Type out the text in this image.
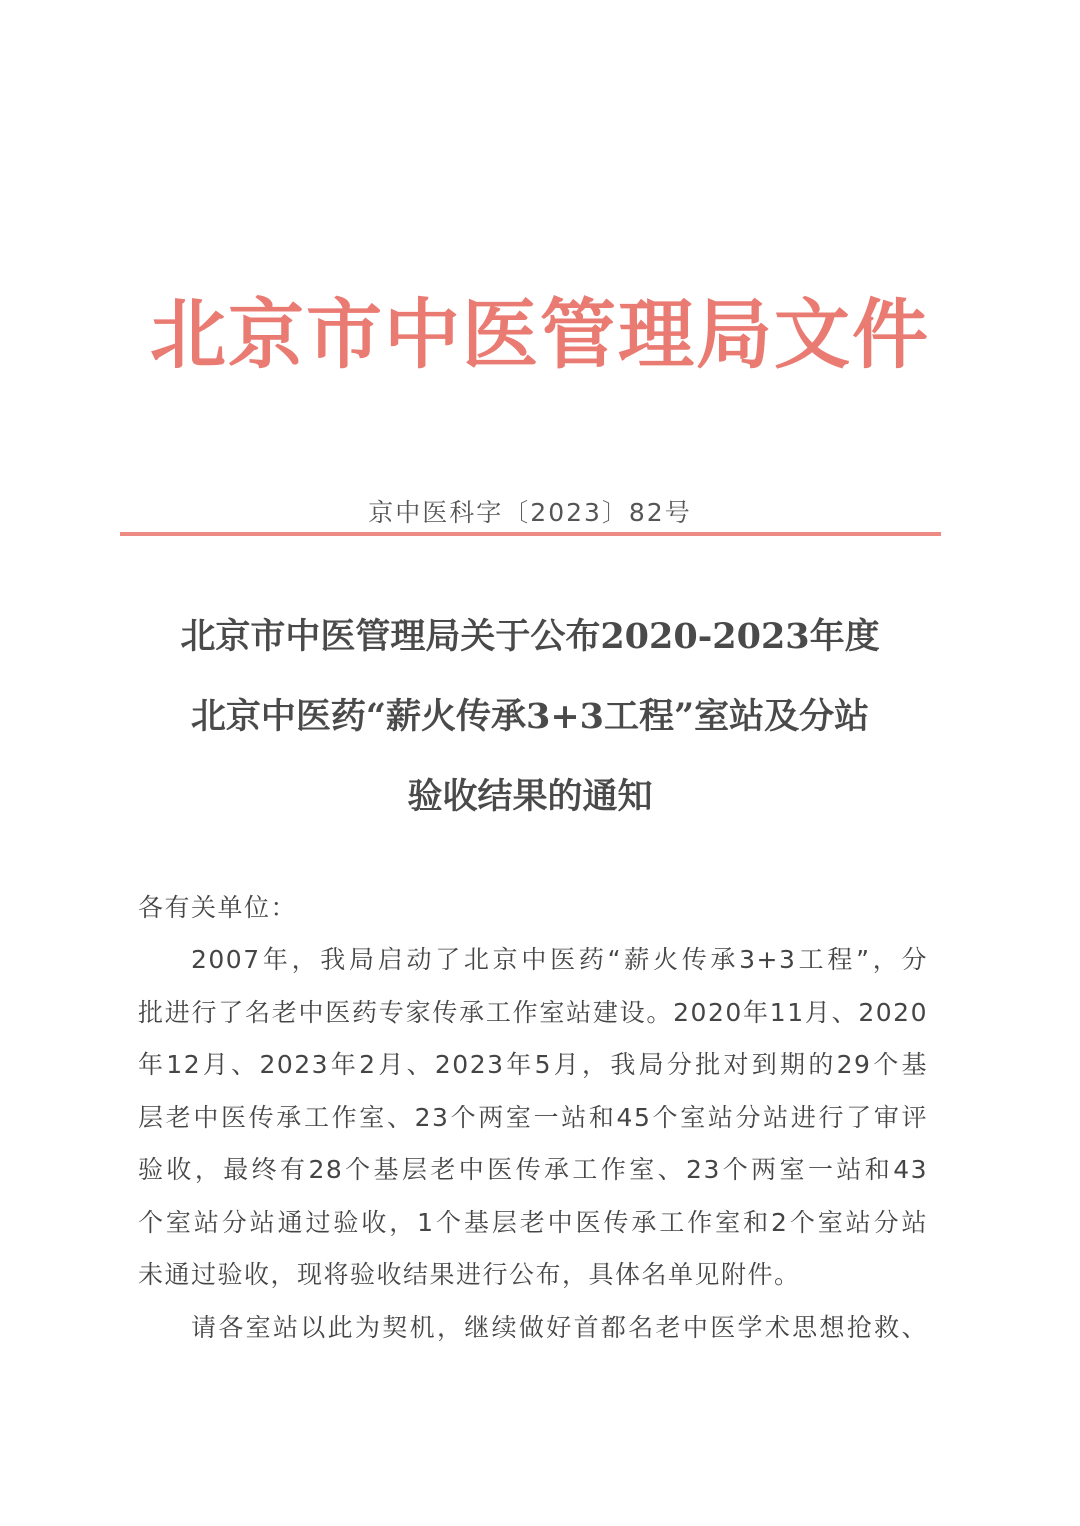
北京市中医管理局文件
京中医科字〔2023〕82号
北京市中医管理局关于公布2020-2023年度
北京中医药“薪火传承3+3工程”室站及分站
验收结果的通知
各有关单位：
2007年，我局启动了北京中医药“薪火传承3+3工程”，分
批进行了名老中医药专家传承工作室站建设。2020年11月、2020
年12月、2023年2月、2023年5月，我局分批对到期的29个基
层老中医传承工作室、23个两室一站和45个室站分站进行了审评
验收，最终有28个基层老中医传承工作室、23个两室一站和43
个室站分站通过验收，1个基层老中医传承工作室和2个室站分站
未通过验收，现将验收结果进行公布，具体名单见附件。
请各室站以此为契机，继续做好首都名老中医学术思想抢救、
